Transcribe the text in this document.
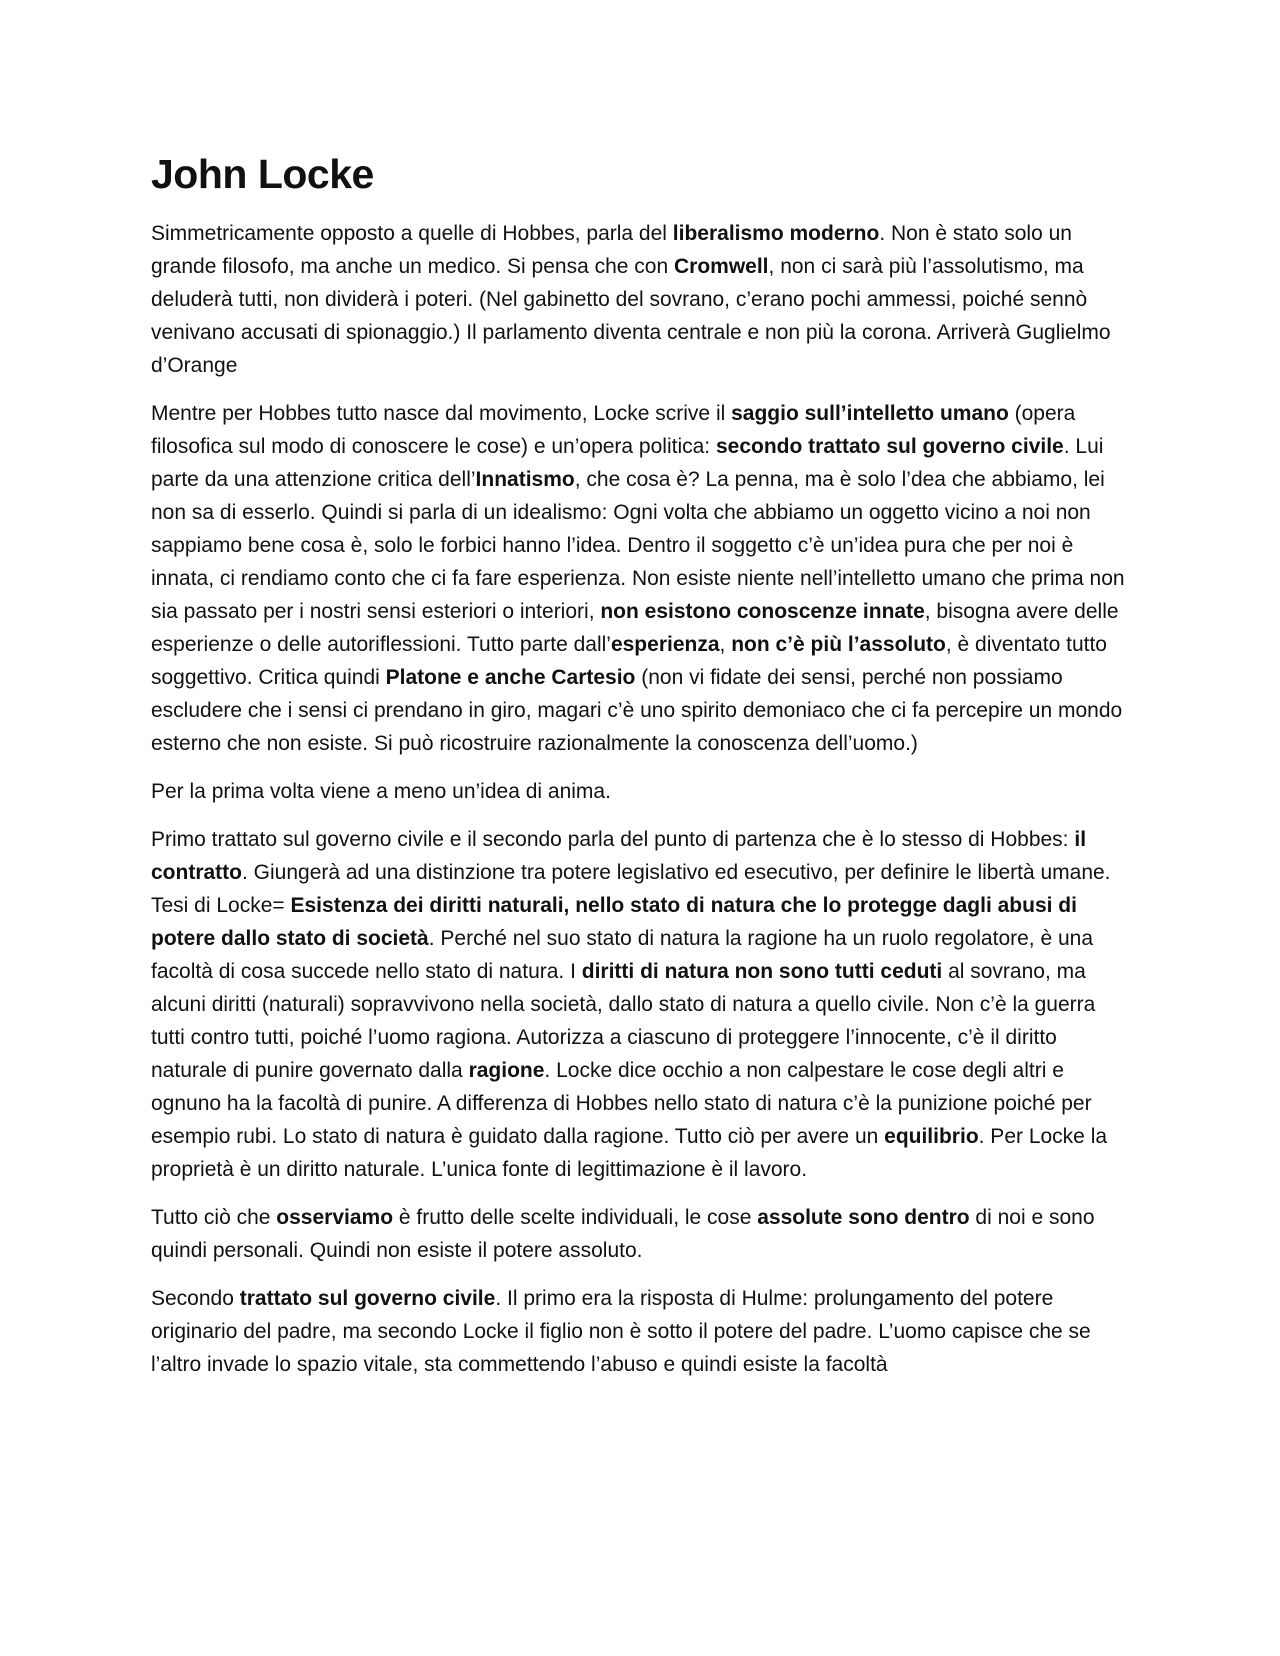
John Locke

Simmetricamente opposto a quelle di Hobbes, parla del liberalismo moderno. Non è stato solo un grande filosofo, ma anche un medico. Si pensa che con Cromwell, non ci sarà più l’assolutismo, ma deluderà tutti, non dividerà i poteri. (Nel gabinetto del sovrano, c’erano pochi ammessi, poiché sennò venivano accusati di spionaggio.) Il parlamento diventa centrale e non più la corona. Arriverà Guglielmo d’Orange

Mentre per Hobbes tutto nasce dal movimento, Locke scrive il saggio sull’intelletto umano (opera filosofica sul modo di conoscere le cose) e un’opera politica: secondo trattato sul governo civile. Lui parte da una attenzione critica dell’Innatismo, che cosa è? La penna, ma è solo l’dea che abbiamo, lei non sa di esserlo. Quindi si parla di un idealismo: Ogni volta che abbiamo un oggetto vicino a noi non sappiamo bene cosa è, solo le forbici hanno l’idea. Dentro il soggetto c’è un’idea pura che per noi è innata, ci rendiamo conto che ci fa fare esperienza. Non esiste niente nell’intelletto umano che prima non sia passato per i nostri sensi esteriori o interiori, non esistono conoscenze innate, bisogna avere delle esperienze o delle autoriflessioni. Tutto parte dall’esperienza, non c’è più l’assoluto, è diventato tutto soggettivo. Critica quindi Platone e anche Cartesio (non vi fidate dei sensi, perché non possiamo escludere che i sensi ci prendano in giro, magari c’è uno spirito demoniaco che ci fa percepire un mondo esterno che non esiste. Si può ricostruire razionalmente la conoscenza dell’uomo.)

Per la prima volta viene a meno un’idea di anima.

Primo trattato sul governo civile e il secondo parla del punto di partenza che è lo stesso di Hobbes: il contratto. Giungerà ad una distinzione tra potere legislativo ed esecutivo, per definire le libertà umane. Tesi di Locke= Esistenza dei diritti naturali, nello stato di natura che lo protegge dagli abusi di potere dallo stato di società. Perché nel suo stato di natura la ragione ha un ruolo regolatore, è una facoltà di cosa succede nello stato di natura. I diritti di natura non sono tutti ceduti al sovrano, ma alcuni diritti (naturali) sopravvivono nella società, dallo stato di natura a quello civile. Non c’è la guerra tutti contro tutti, poiché l’uomo ragiona. Autorizza a ciascuno di proteggere l’innocente, c’è il diritto naturale di punire governato dalla ragione. Locke dice occhio a non calpestare le cose degli altri e ognuno ha la facoltà di punire. A differenza di Hobbes nello stato di natura c’è la punizione poiché per esempio rubi. Lo stato di natura è guidato dalla ragione. Tutto ciò per avere un equilibrio. Per Locke la proprietà è un diritto naturale. L’unica fonte di legittimazione è il lavoro.

Tutto ciò che osserviamo è frutto delle scelte individuali, le cose assolute sono dentro di noi e sono quindi personali. Quindi non esiste il potere assoluto.

Secondo trattato sul governo civile. Il primo era la risposta di Hulme: prolungamento del potere originario del padre, ma secondo Locke il figlio non è sotto il potere del padre. L’uomo capisce che se l’altro invade lo spazio vitale, sta commettendo l’abuso e quindi esiste la facoltà
